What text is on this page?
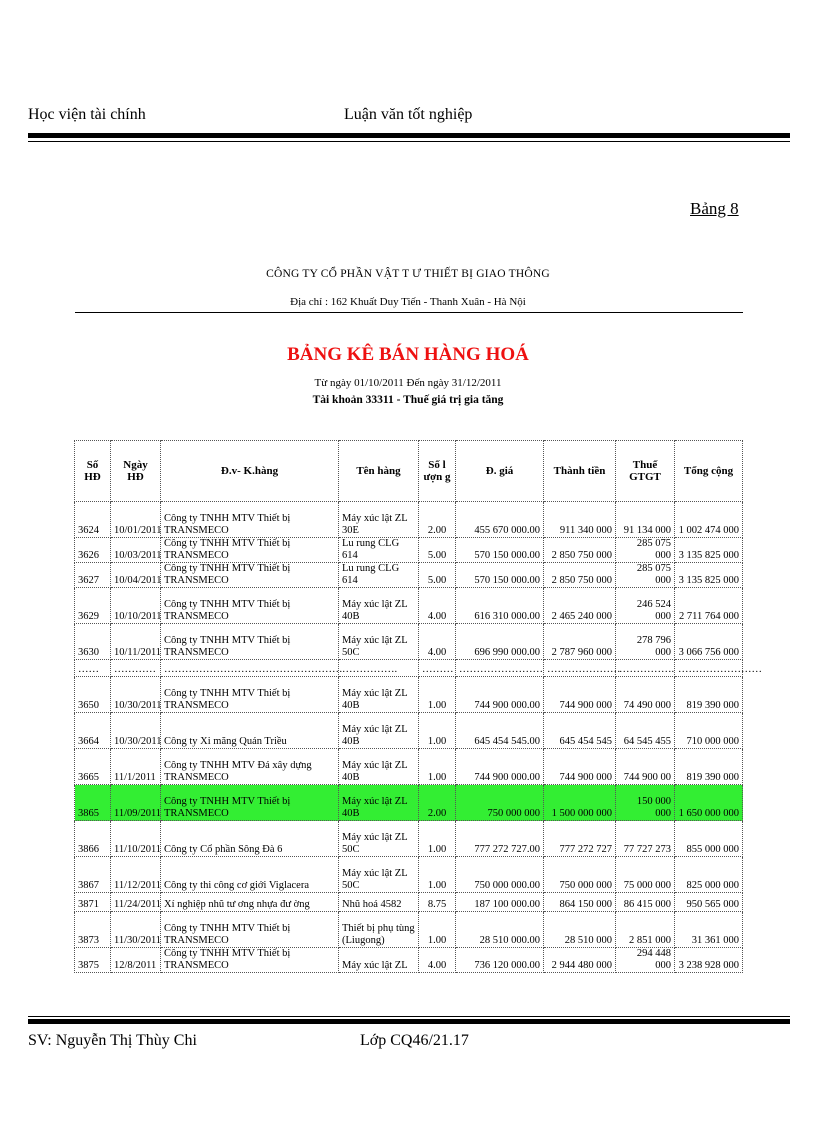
Học viện tài chính	Luận văn tốt nghiệp
Bảng 8
CÔNG TY CỔ PHẦN VẬT T Ư THIẾT BỊ GIAO THÔNG
Địa chỉ : 162 Khuất Duy Tiến - Thanh Xuân - Hà Nội
BẢNG KÊ BÁN HÀNG HOÁ
Từ ngày 01/10/2011 Đến ngày 31/12/2011
Tài khoản 33311 - Thuế giá trị gia tăng
Số HĐ	Ngày HĐ	Đ.v- K.hàng	Tên hàng	Số l ượn g	Đ. giá	Thành tiền	Thuế GTGT	Tổng cộng
3624	10/01/2011	Công ty TNHH MTV Thiết bị TRANSMECO	Máy xúc lật ZL 30E	2.00	455 670 000.00	911 340 000	91 134 000	1 002 474 000
3626	10/03/2011	Công ty TNHH MTV Thiết bị TRANSMECO	Lu rung CLG 614	5.00	570 150 000.00	2 850 750 000	285 075 000	3 135 825 000
3627	10/04/2011	Công ty TNHH MTV Thiết bị TRANSMECO	Lu rung CLG 614	5.00	570 150 000.00	2 850 750 000	285 075 000	3 135 825 000
3629	10/10/2011	Công ty TNHH MTV Thiết bị TRANSMECO	Máy xúc lật ZL 40B	4.00	616 310 000.00	2 465 240 000	246 524 000	2 711 764 000
3630	10/11/2011	Công ty TNHH MTV Thiết bị TRANSMECO	Máy xúc lật ZL 50C	4.00	696 990 000.00	2 787 960 000	278 796 000	3 066 756 000
……	…………	……………………………………………	…………….	………	……………………	…………………	…………….	……………………
3650	10/30/2011	Công ty TNHH MTV Thiết bị TRANSMECO	Máy xúc lật ZL 40B	1.00	744 900 000.00	744 900 000	74 490 000	819 390 000
3664	10/30/2011	Công ty Xi măng Quán Triều	Máy xúc lật ZL 40B	1.00	645 454 545.00	645 454 545	64 545 455	710 000 000
3665	11/1/2011	Công ty TNHH MTV Đá xây dựng TRANSMECO	Máy xúc lật ZL 40B	1.00	744 900 000.00	744 900 000	744 900 00	819 390 000
3865	11/09/2011	Công ty TNHH MTV Thiết bị TRANSMECO	Máy xúc lật ZL 40B	2.00	750 000 000	1 500 000 000	150 000 000	1 650 000 000
3866	11/10/2011	Công ty Cổ phần Sông Đà 6	Máy xúc lật ZL 50C	1.00	777 272 727.00	777 272 727	77 727 273	855 000 000
3867	11/12/2011	Công ty thi công cơ giới Viglacera	Máy xúc lật ZL 50C	1.00	750 000 000.00	750 000 000	75 000 000	825 000 000
3871	11/24/2011	Xí nghiệp nhũ tư ơng nhựa đư ờng	Nhũ hoá 4582	8.75	187 100 000.00	864 150 000	86 415 000	950 565 000
3873	11/30/2011	Công ty TNHH MTV Thiết bị TRANSMECO	Thiết bị phụ tùng (Liugong)	1.00	28 510 000.00	28 510 000	2 851 000	31 361 000
3875	12/8/2011	Công ty TNHH MTV Thiết bị TRANSMECO	Máy xúc lật ZL	4.00	736 120 000.00	2 944 480 000	294 448 000	3 238 928 000
SV: Nguyễn Thị Thùy Chi	Lớp CQ46/21.17
